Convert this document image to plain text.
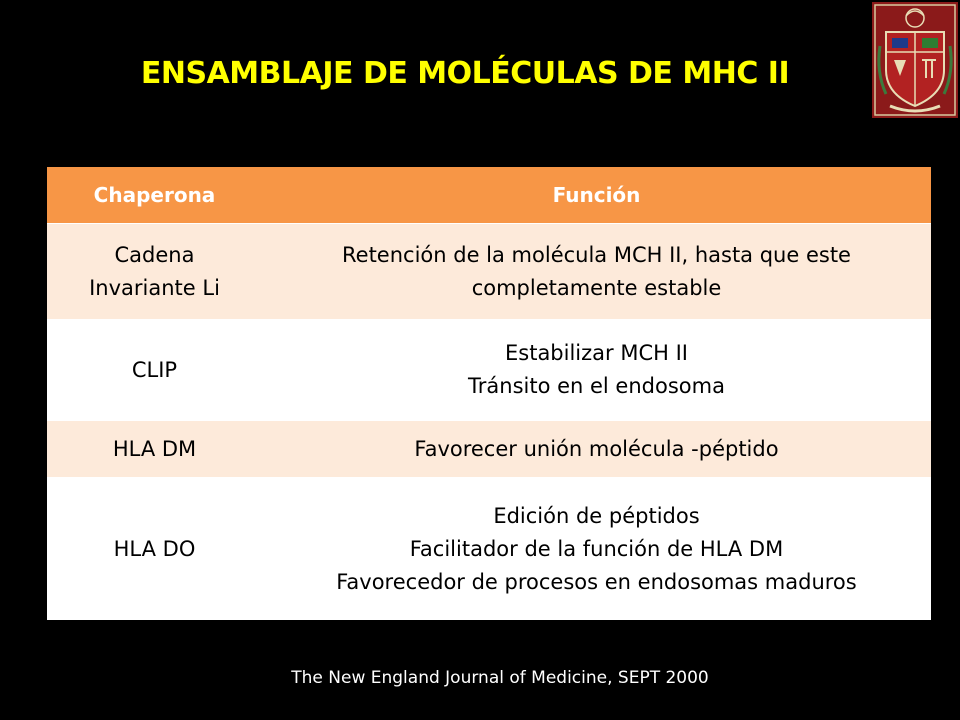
ENSAMBLAJE DE MOLÉCULAS DE MHC II
Chaperona	Función

Cadena
Invariante Li	Retención de la molécula MCH II, hasta que este
completamente estable

CLIP	Estabilizar MCH II
Tránsito en el endosoma

HLA DM	Favorecer unión molécula -péptido

HLA DO	Edición de péptidos
Facilitador de la función de HLA DM
Favorecedor de procesos en endosomas maduros
The New England Journal of Medicine, SEPT 2000
